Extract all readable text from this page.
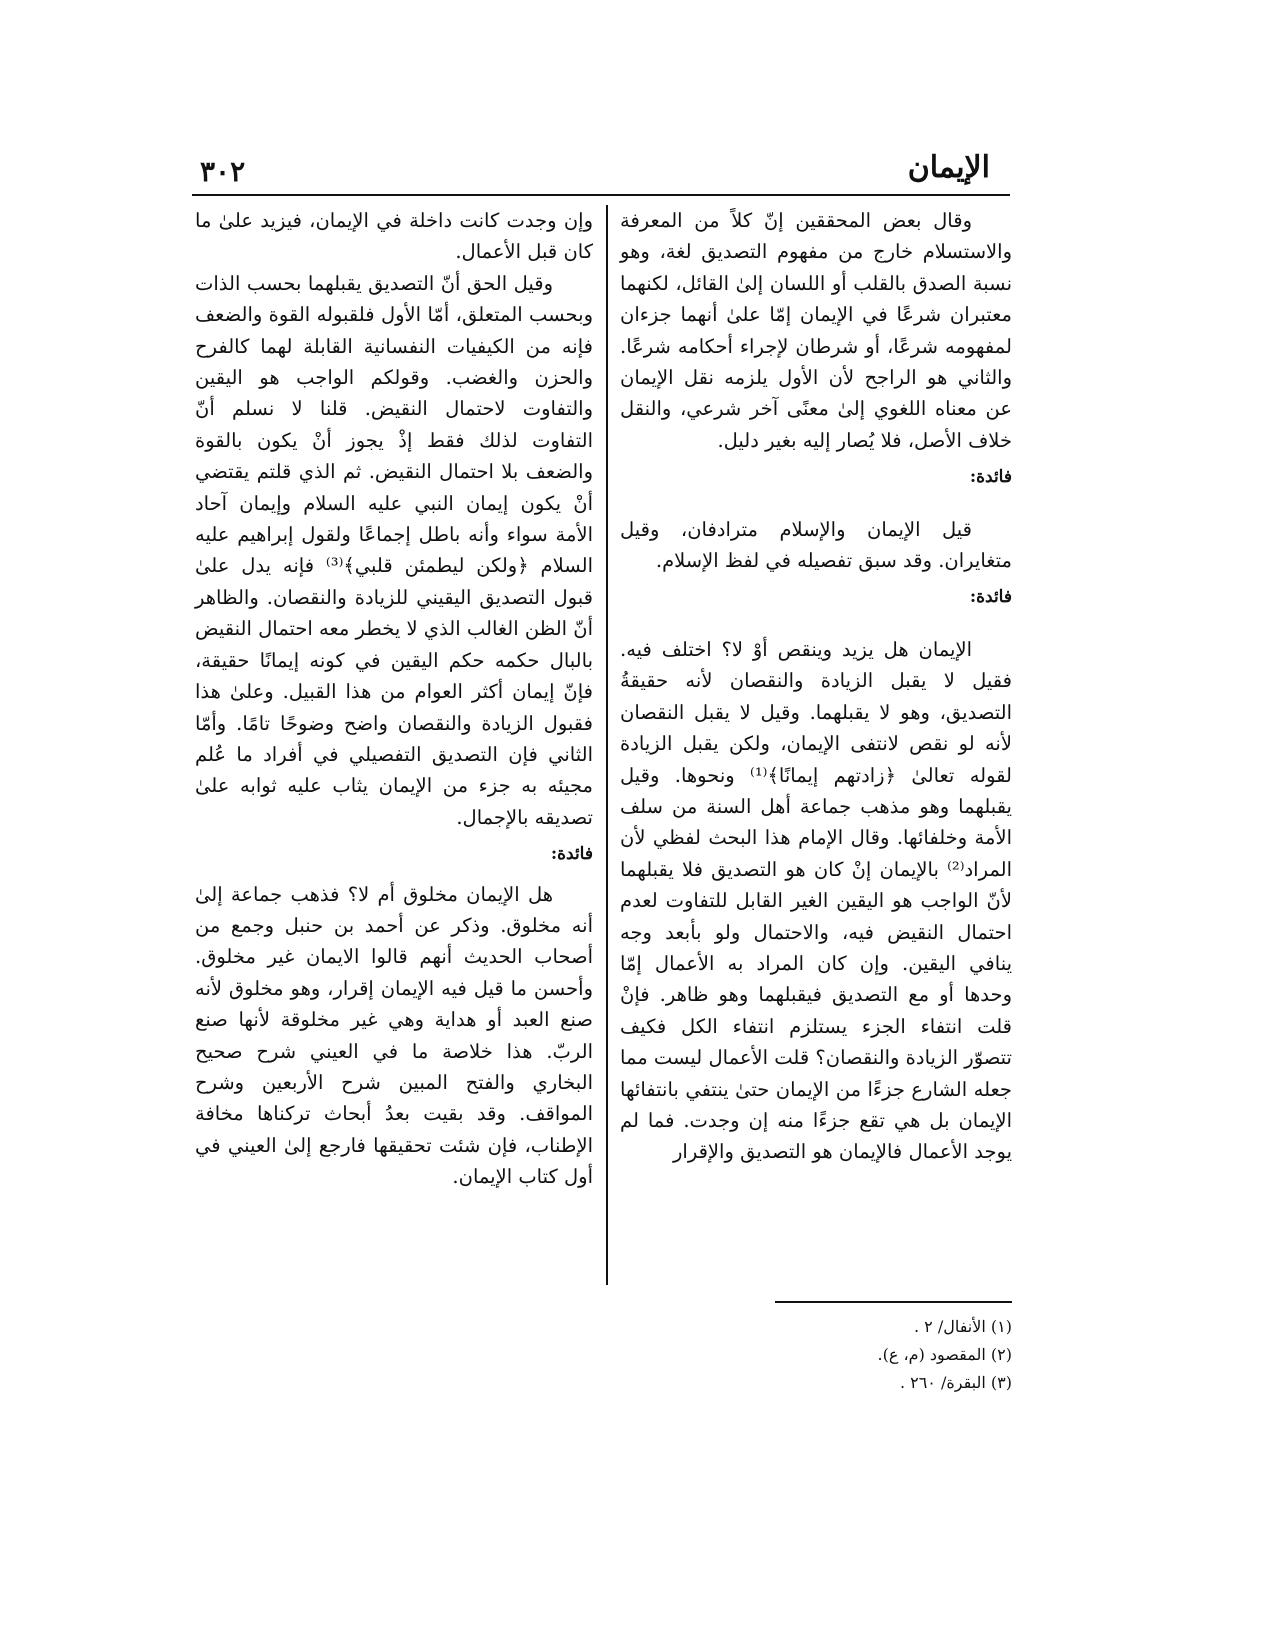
الإيمان
٣٠٢

وقال بعض المحققين إنّ كلاً من المعرفة والاستسلام خارج من مفهوم التصديق لغة، وهو نسبة الصدق بالقلب أو اللسان إلىٰ القائل، لكنهما معتبران شرعًا في الإيمان إمّا علىٰ أنهما جزءان لمفهومه شرعًا، أو شرطان لإجراء أحكامه شرعًا. والثاني هو الراجح لأن الأول يلزمه نقل الإيمان عن معناه اللغوي إلىٰ معنًى آخر شرعي، والنقل خلاف الأصل، فلا يُصار إليه بغير دليل.

فائدة:

قيل الإيمان والإسلام مترادفان، وقيل متغايران. وقد سبق تفصيله في لفظ الإسلام.

فائدة:

الإيمان هل يزيد وينقص أوْ لا؟ اختلف فيه. فقيل لا يقبل الزيادة والنقصان لأنه حقيقةُ التصديق، وهو لا يقبلهما. وقيل لا يقبل النقصان لأنه لو نقص لانتفى الإيمان، ولكن يقبل الزيادة لقوله تعالىٰ ﴿زادتهم إيمانًا﴾⁽¹⁾ ونحوها. وقيل يقبلهما وهو مذهب جماعة أهل السنة من سلف الأمة وخلفائها. وقال الإمام هذا البحث لفظي لأن المراد⁽²⁾ بالإيمان إنْ كان هو التصديق فلا يقبلهما لأنّ الواجب هو اليقين الغير القابل للتفاوت لعدم احتمال النقيض فيه، والاحتمال ولو بأبعد وجه ينافي اليقين. وإن كان المراد به الأعمال إمّا وحدها أو مع التصديق فيقبلهما وهو ظاهر. فإنْ قلت انتفاء الجزء يستلزم انتفاء الكل فكيف تتصوّر الزيادة والنقصان؟ قلت الأعمال ليست مما جعله الشارع جزءًا من الإيمان حتىٰ ينتفي بانتفائها الإيمان بل هي تقع جزءًا منه إن وجدت. فما لم يوجد الأعمال فالإيمان هو التصديق والإقرار

وإن وجدت كانت داخلة في الإيمان، فيزيد علىٰ ما كان قبل الأعمال.

وقيل الحق أنّ التصديق يقبلهما بحسب الذات وبحسب المتعلق، أمّا الأول فلقبوله القوة والضعف فإنه من الكيفيات النفسانية القابلة لهما كالفرح والحزن والغضب. وقولكم الواجب هو اليقين والتفاوت لاحتمال النقيض. قلنا لا نسلم أنّ التفاوت لذلك فقط إذْ يجوز أنْ يكون بالقوة والضعف بلا احتمال النقيض. ثم الذي قلتم يقتضي أنْ يكون إيمان النبي عليه السلام وإيمان آحاد الأمة سواء وأنه باطل إجماعًا ولقول إبراهيم عليه السلام ﴿ولكن ليطمئن قلبي﴾⁽³⁾ فإنه يدل علىٰ قبول التصديق اليقيني للزيادة والنقصان. والظاهر أنّ الظن الغالب الذي لا يخطر معه احتمال النقيض بالبال حكمه حكم اليقين في كونه إيمانًا حقيقة، فإنّ إيمان أكثر العوام من هذا القبيل. وعلىٰ هذا فقبول الزيادة والنقصان واضح وضوحًا تامًا. وأمّا الثاني فإن التصديق التفصيلي في أفراد ما عُلم مجيئه به جزء من الإيمان يثاب عليه ثوابه علىٰ تصديقه بالإجمال.

فائدة:

هل الإيمان مخلوق أم لا؟ فذهب جماعة إلىٰ أنه مخلوق. وذكر عن أحمد بن حنبل وجمع من أصحاب الحديث أنهم قالوا الايمان غير مخلوق. وأحسن ما قيل فيه الإيمان إقرار، وهو مخلوق لأنه صنع العبد أو هداية وهي غير مخلوقة لأنها صنع الربّ. هذا خلاصة ما في العيني شرح صحيح البخاري والفتح المبين شرح الأربعين وشرح المواقف. وقد بقيت بعدُ أبحاث تركناها مخافة الإطناب، فإن شئت تحقيقها فارجع إلىٰ العيني في أول كتاب الإيمان.

(١) الأنفال/ ٢ .
(٢) المقصود (م، ع).
(٣) البقرة/ ٢٦٠ .
